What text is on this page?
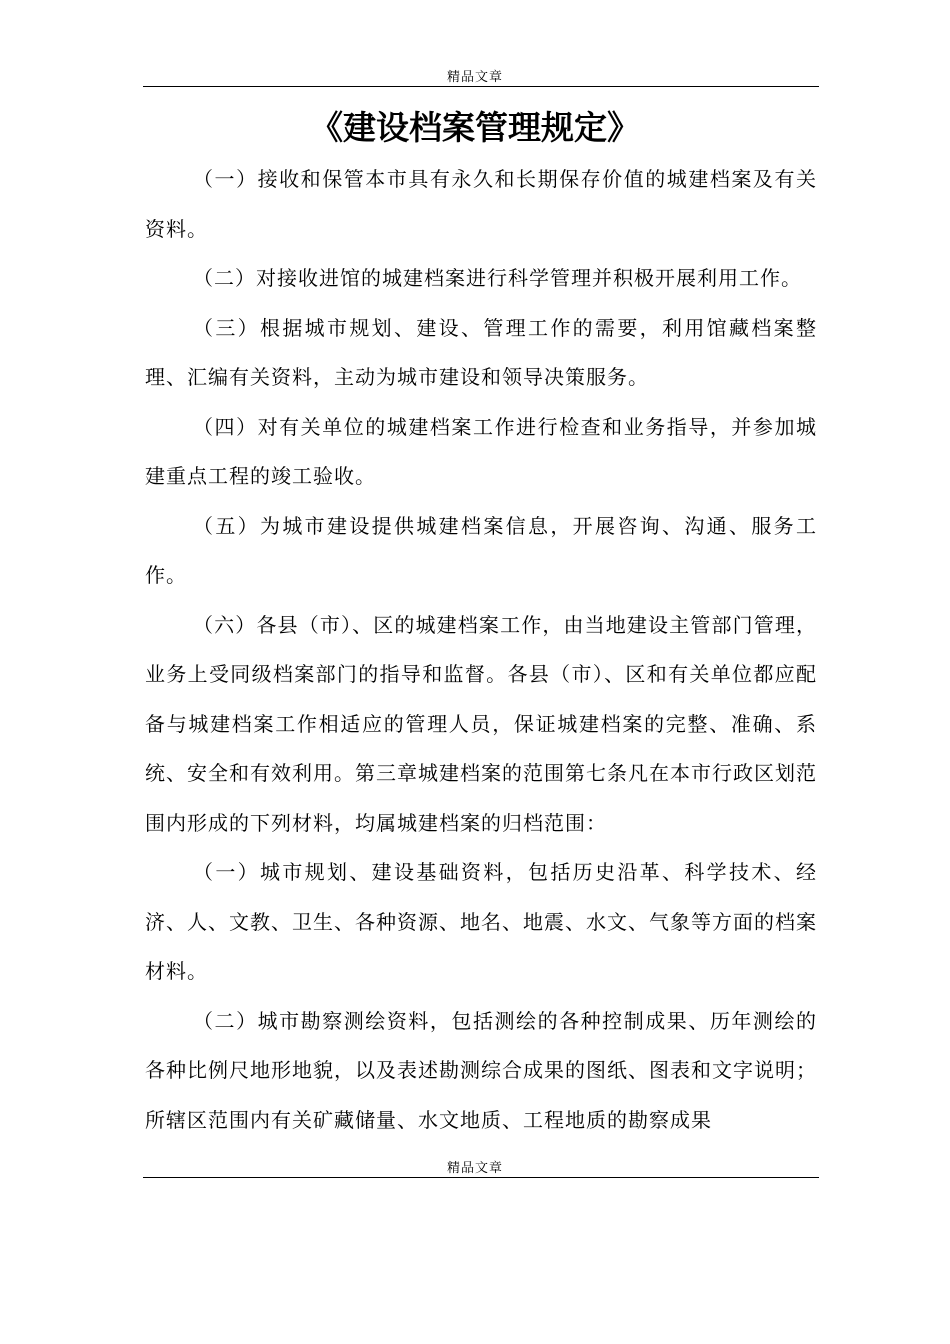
精品文章
《建设档案管理规定》

（一）接收和保管本市具有永久和长期保存价值的城建档案及有关资料。

（二）对接收进馆的城建档案进行科学管理并积极开展利用工作。

（三）根据城市规划、建设、管理工作的需要，利用馆藏档案整理、汇编有关资料，主动为城市建设和领导决策服务。

（四）对有关单位的城建档案工作进行检查和业务指导，并参加城建重点工程的竣工验收。

（五）为城市建设提供城建档案信息，开展咨询、沟通、服务工作。

（六）各县（市）、区的城建档案工作，由当地建设主管部门管理，业务上受同级档案部门的指导和监督。各县（市）、区和有关单位都应配备与城建档案工作相适应的管理人员，保证城建档案的完整、准确、系统、安全和有效利用。第三章城建档案的范围第七条凡在本市行政区划范围内形成的下列材料，均属城建档案的归档范围：

（一）城市规划、建设基础资料，包括历史沿革、科学技术、经济、人、文教、卫生、各种资源、地名、地震、水文、气象等方面的档案材料。

（二）城市勘察测绘资料，包括测绘的各种控制成果、历年测绘的各种比例尺地形地貌，以及表述勘测综合成果的图纸、图表和文字说明；所辖区范围内有关矿藏储量、水文地质、工程地质的勘察成果

精品文章
